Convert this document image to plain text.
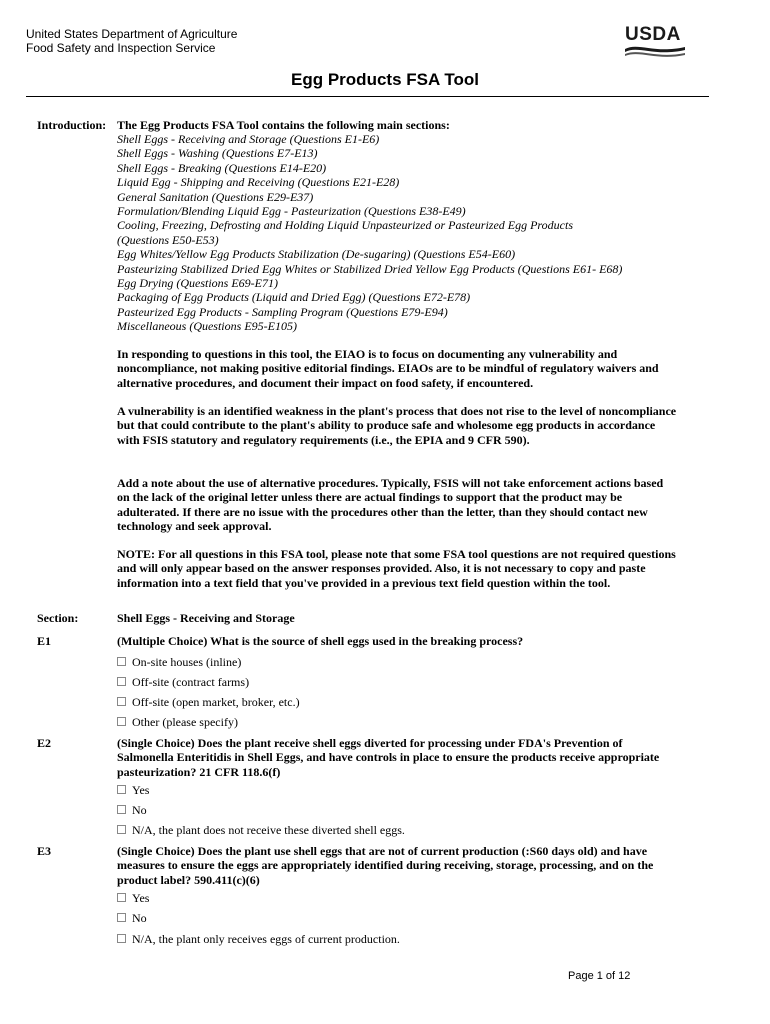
United States Department of Agriculture
Food Safety and Inspection Service
USDA
Egg Products FSA Tool
Introduction: The Egg Products FSA Tool contains the following main sections:
Shell Eggs - Receiving and Storage (Questions E1-E6)
Shell Eggs - Washing (Questions E7-E13)
Shell Eggs - Breaking (Questions E14-E20)
Liquid Egg - Shipping and Receiving (Questions E21-E28)
General Sanitation (Questions E29-E37)
Formulation/Blending Liquid Egg - Pasteurization (Questions E38-E49)
Cooling, Freezing, Defrosting and Holding Liquid Unpasteurized or Pasteurized Egg Products
(Questions E50-E53)
Egg Whites/Yellow Egg Products Stabilization (De-sugaring) (Questions E54-E60)
Pasteurizing Stabilized Dried Egg Whites or Stabilized Dried Yellow Egg Products (Questions E61- E68)
Egg Drying (Questions E69-E71)
Packaging of Egg Products (Liquid and Dried Egg) (Questions E72-E78)
Pasteurized Egg Products - Sampling Program (Questions E79-E94)
Miscellaneous (Questions E95-E105)
In responding to questions in this tool, the EIAO is to focus on documenting any vulnerability and noncompliance, not making positive editorial findings. EIAOs are to be mindful of regulatory waivers and alternative procedures, and document their impact on food safety, if encountered.
A vulnerability is an identified weakness in the plant's process that does not rise to the level of noncompliance but that could contribute to the plant's ability to produce safe and wholesome egg products in accordance with FSIS statutory and regulatory requirements (i.e., the EPIA and 9 CFR 590).
Add a note about the use of alternative procedures. Typically, FSIS will not take enforcement actions based on the lack of the original letter unless there are actual findings to support that the product may be adulterated. If there are no issue with the procedures other than the letter, than they should contact new technology and seek approval.
NOTE: For all questions in this FSA tool, please note that some FSA tool questions are not required questions and will only appear based on the answer responses provided. Also, it is not necessary to copy and paste information into a text field that you've provided in a previous text field question within the tool.
Section:	Shell Eggs - Receiving and Storage
E1	(Multiple Choice) What is the source of shell eggs used in the breaking process?
On-site houses (inline)
Off-site (contract farms)
Off-site (open market, broker, etc.)
Other (please specify)
E2	(Single Choice) Does the plant receive shell eggs diverted for processing under FDA's Prevention of Salmonella Enteritidis in Shell Eggs, and have controls in place to ensure the products receive appropriate pasteurization? 21 CFR 118.6(f)
Yes
No
N/A, the plant does not receive these diverted shell eggs.
E3	(Single Choice) Does the plant use shell eggs that are not of current production (:S60 days old) and have measures to ensure the eggs are appropriately identified during receiving, storage, processing, and on the product label? 590.411(c)(6)
Yes
No
N/A, the plant only receives eggs of current production.
Page 1 of 12
